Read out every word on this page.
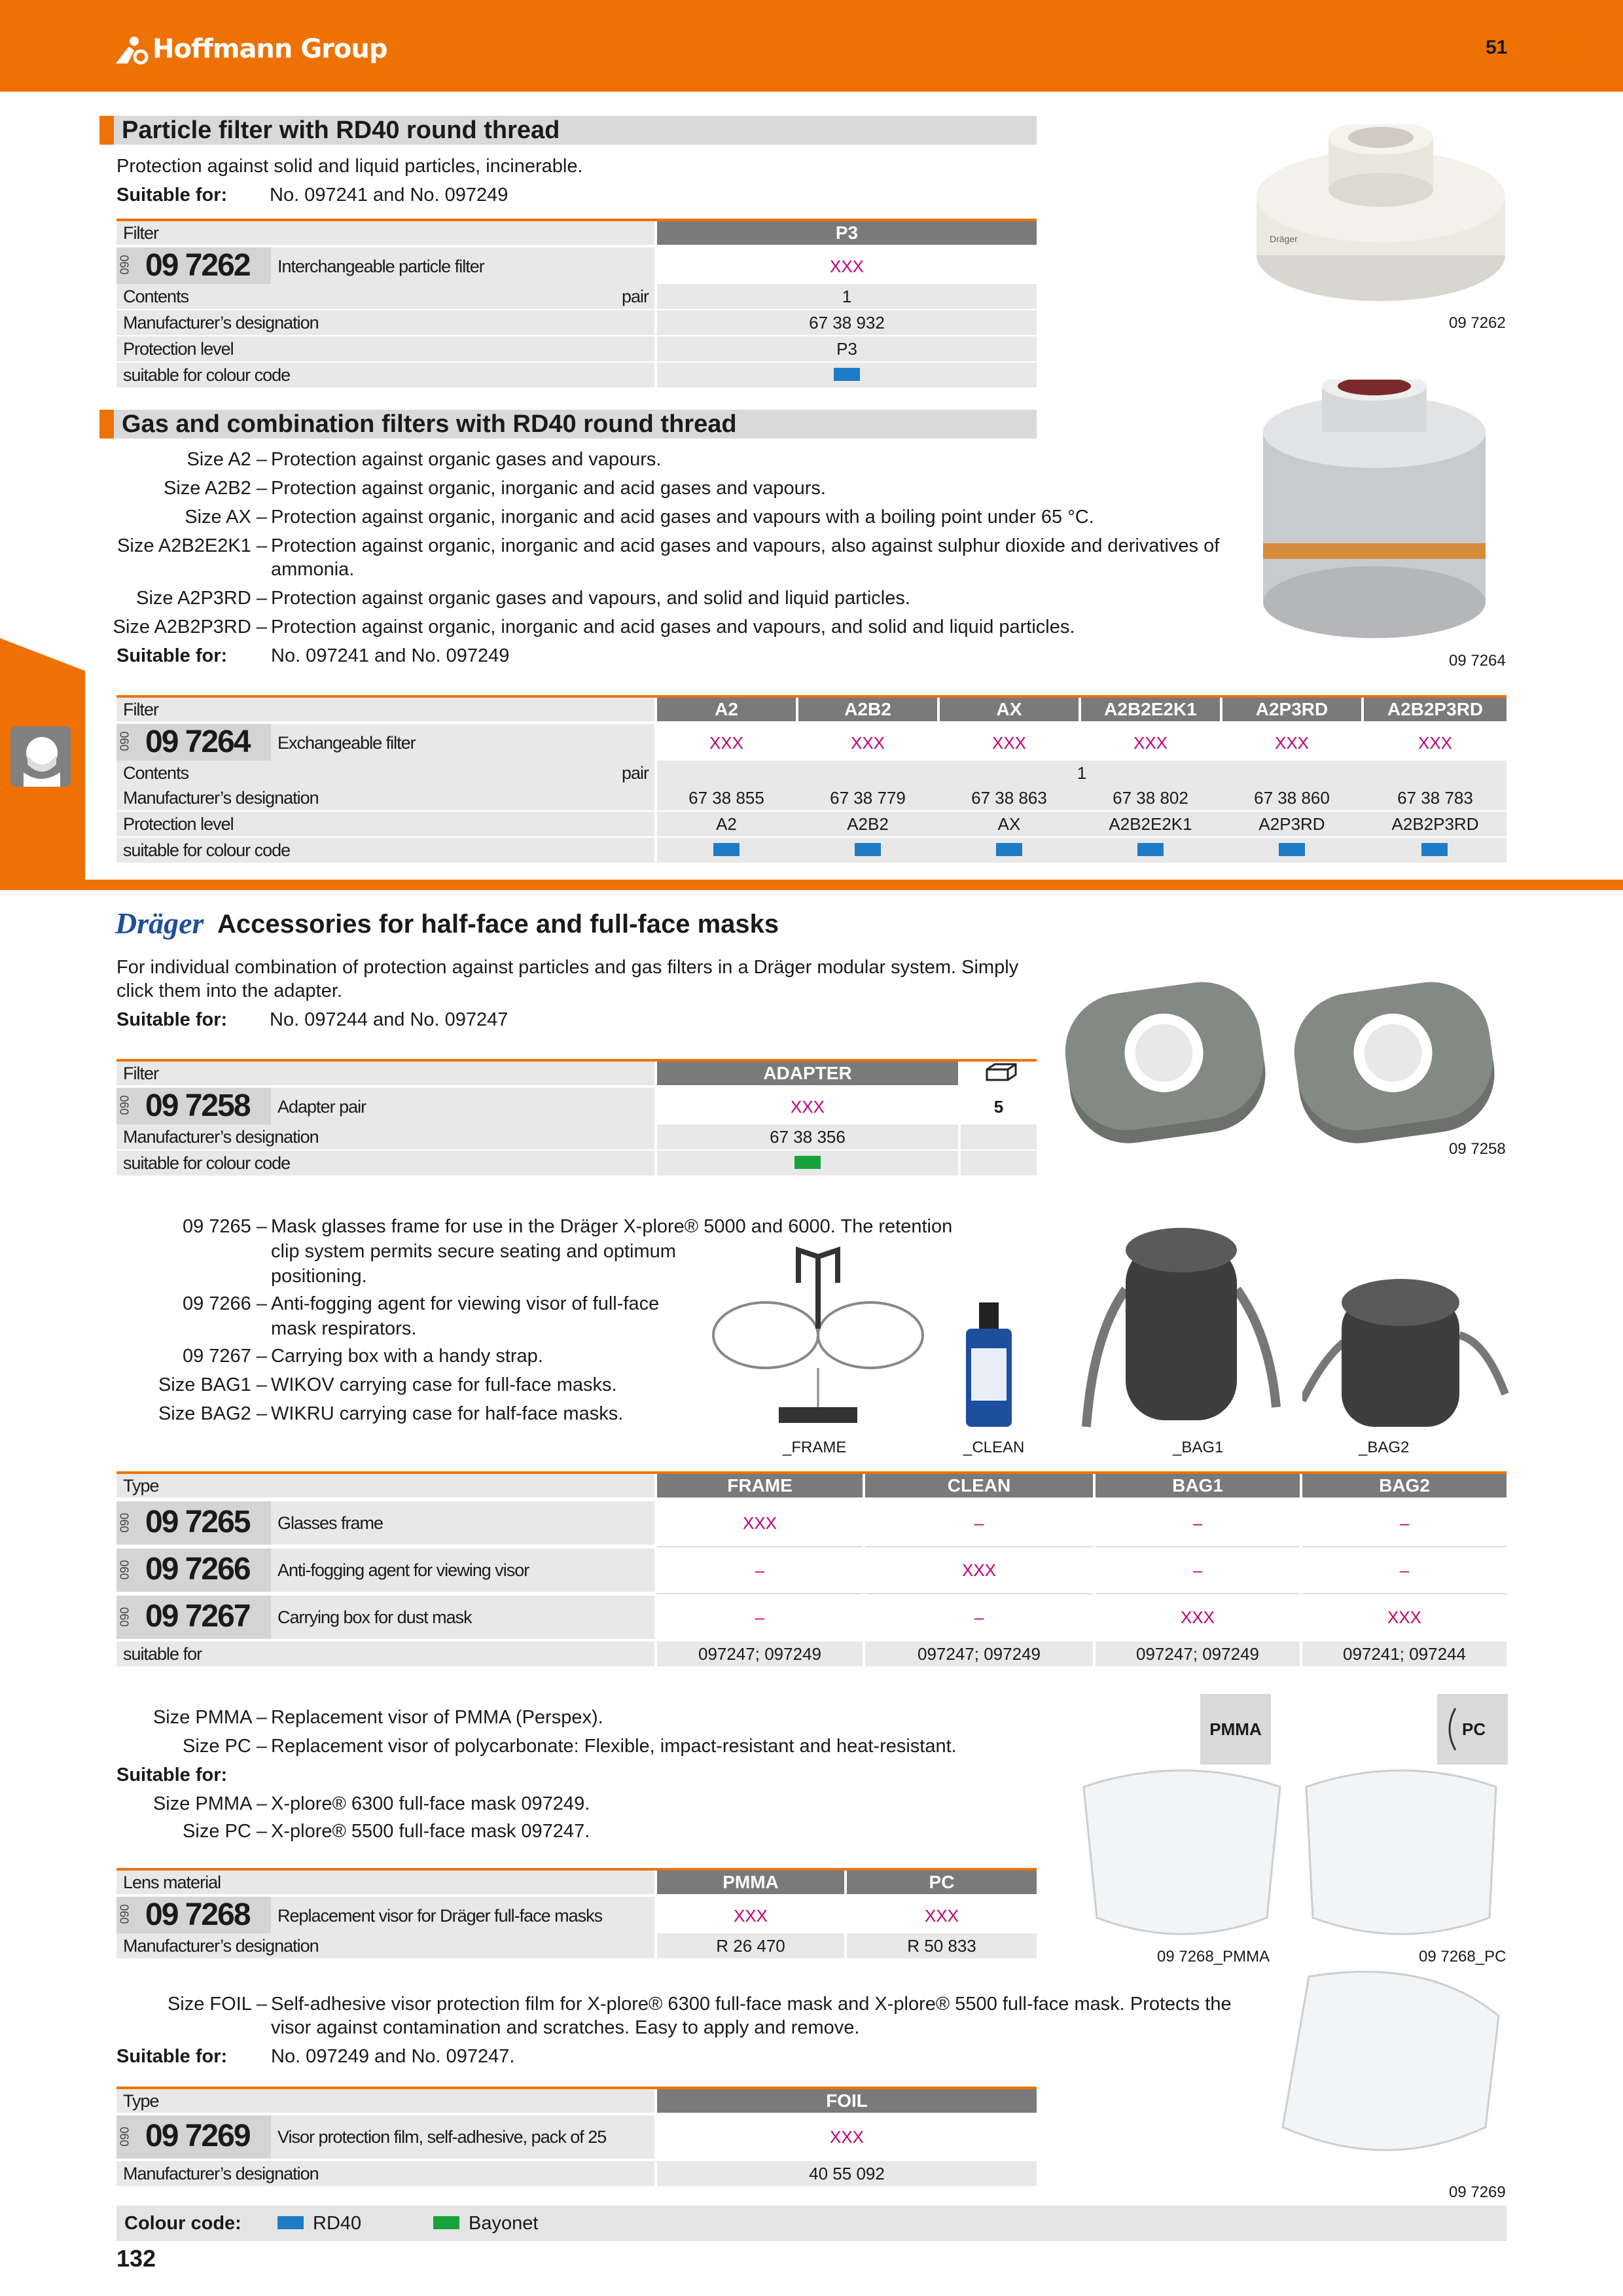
Hoffmann Group	51	GDS
Particle filter with RD40 round thread
Protection against solid and liquid particles, incinerable.
Suitable for: No. 097241 and No. 097249
Filter	P3
090 09 7262 Interchangeable particle filter	XXX
Contents	pair	1
Manufacturer’s designation	67 38 932
Protection level	P3
suitable for colour code
Dräger
09 7262
Gas and combination filters with RD40 round thread
Size A2 – Protection against organic gases and vapours.
Size A2B2 – Protection against organic, inorganic and acid gases and vapours.
Size AX – Protection against organic, inorganic and acid gases and vapours with a boiling point under 65 °C.
Size A2B2E2K1 – Protection against organic, inorganic and acid gases and vapours, also against sulphur dioxide and derivatives of
ammonia.
Size A2P3RD – Protection against organic gases and vapours, and solid and liquid particles.
Size A2B2P3RD – Protection against organic, inorganic and acid gases and vapours, and solid and liquid particles.
Suitable for: No. 097241 and No. 097249
Filter	A2	A2B2	AX	A2B2E2K1	A2P3RD	A2B2P3RD
090 09 7264 Exchangeable filter	XXX	XXX	XXX	XXX	XXX	XXX
Contents	pair	1
Manufacturer’s designation	67 38 855	67 38 779	67 38 863	67 38 802	67 38 860	67 38 783
Protection level	A2	A2B2	AX	A2B2E2K1	A2P3RD	A2B2P3RD
suitable for colour code
09 7264
Dräger Accessories for half-face and full-face masks
For individual combination of protection against particles and gas filters in a Dräger modular system. Simply
click them into the adapter.
Suitable for: No. 097244 and No. 097247
Filter	ADAPTER
090 09 7258 Adapter pair	XXX	5
Manufacturer’s designation	67 38 356
suitable for colour code
09 7258
09 7265 – Mask glasses frame for use in the Dräger X-plore® 5000 and 6000. The retention
clip system permits secure seating and optimum
positioning.
09 7266 – Anti-fogging agent for viewing visor of full-face
mask respirators.
09 7267 – Carrying box with a handy strap.
Size BAG1 – WIKOV carrying case for full-face masks.
Size BAG2 – WIKRU carrying case for half-face masks.
_FRAME	_CLEAN	_BAG1	_BAG2
Type	FRAME	CLEAN	BAG1	BAG2
090 09 7265 Glasses frame	XXX	–	–	–
090 09 7266 Anti-fogging agent for viewing visor	–	XXX	–	–
090 09 7267 Carrying box for dust mask	–	–	XXX	XXX
suitable for	097247; 097249	097247; 097249	097247; 097249	097241; 097244
Size PMMA – Replacement visor of PMMA (Perspex).
Size PC – Replacement visor of polycarbonate: Flexible, impact-resistant and heat-resistant.
Suitable for:
Size PMMA – X-plore® 6300 full-face mask 097249.
Size PC – X-plore® 5500 full-face mask 097247.
PMMA	PC
09 7268_PMMA	09 7268_PC
Lens material	PMMA	PC
090 09 7268 Replacement visor for Dräger full-face masks	XXX	XXX
Manufacturer’s designation	R 26 470	R 50 833
Size FOIL – Self-adhesive visor protection film for X-plore® 6300 full-face mask and X-plore® 5500 full-face mask. Protects the
visor against contamination and scratches. Easy to apply and remove.
Suitable for: No. 097249 and No. 097247.
09 7269
Type	FOIL
090 09 7269 Visor protection film, self-adhesive, pack of 25	XXX
Manufacturer’s designation	40 55 092
Colour code:	RD40	Bayonet
132
